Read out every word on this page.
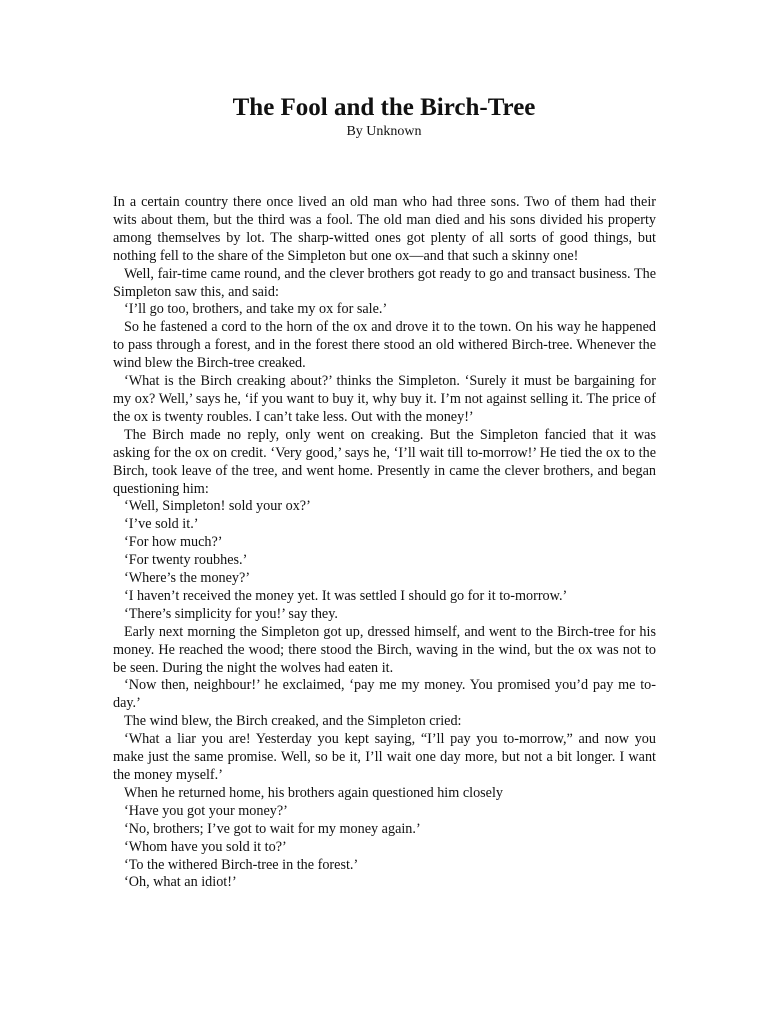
The Fool and the Birch-Tree
By Unknown

In a certain country there once lived an old man who had three sons. Two of them had their wits about them, but the third was a fool. The old man died and his sons divided his property among themselves by lot. The sharp-witted ones got plenty of all sorts of good things, but nothing fell to the share of the Simpleton but one ox—and that such a skinny one!

Well, fair-time came round, and the clever brothers got ready to go and transact business. The Simpleton saw this, and said:

‘I’ll go too, brothers, and take my ox for sale.’

So he fastened a cord to the horn of the ox and drove it to the town. On his way he happened to pass through a forest, and in the forest there stood an old withered Birch-tree. Whenever the wind blew the Birch-tree creaked.

‘What is the Birch creaking about?’ thinks the Simpleton. ‘Surely it must be bargaining for my ox? Well,’ says he, ‘if you want to buy it, why buy it. I’m not against selling it. The price of the ox is twenty roubles. I can’t take less. Out with the money!’

The Birch made no reply, only went on creaking. But the Simpleton fancied that it was asking for the ox on credit. ‘Very good,’ says he, ‘I’ll wait till to-morrow!’ He tied the ox to the Birch, took leave of the tree, and went home. Presently in came the clever brothers, and began questioning him:

‘Well, Simpleton! sold your ox?’

‘I’ve sold it.’

‘For how much?’

‘For twenty roubhes.’

‘Where’s the money?’

‘I haven’t received the money yet. It was settled I should go for it to-morrow.’

‘There’s simplicity for you!’ say they.

Early next morning the Simpleton got up, dressed himself, and went to the Birch-tree for his money. He reached the wood; there stood the Birch, waving in the wind, but the ox was not to be seen. During the night the wolves had eaten it.

‘Now then, neighbour!’ he exclaimed, ‘pay me my money. You promised you’d pay me to-day.’

The wind blew, the Birch creaked, and the Simpleton cried:

‘What a liar you are! Yesterday you kept saying, “I’ll pay you to-morrow,” and now you make just the same promise. Well, so be it, I’ll wait one day more, but not a bit longer. I want the money myself.’

When he returned home, his brothers again questioned him closely

‘Have you got your money?’

‘No, brothers; I’ve got to wait for my money again.’

‘Whom have you sold it to?’

‘To the withered Birch-tree in the forest.’

‘Oh, what an idiot!’
